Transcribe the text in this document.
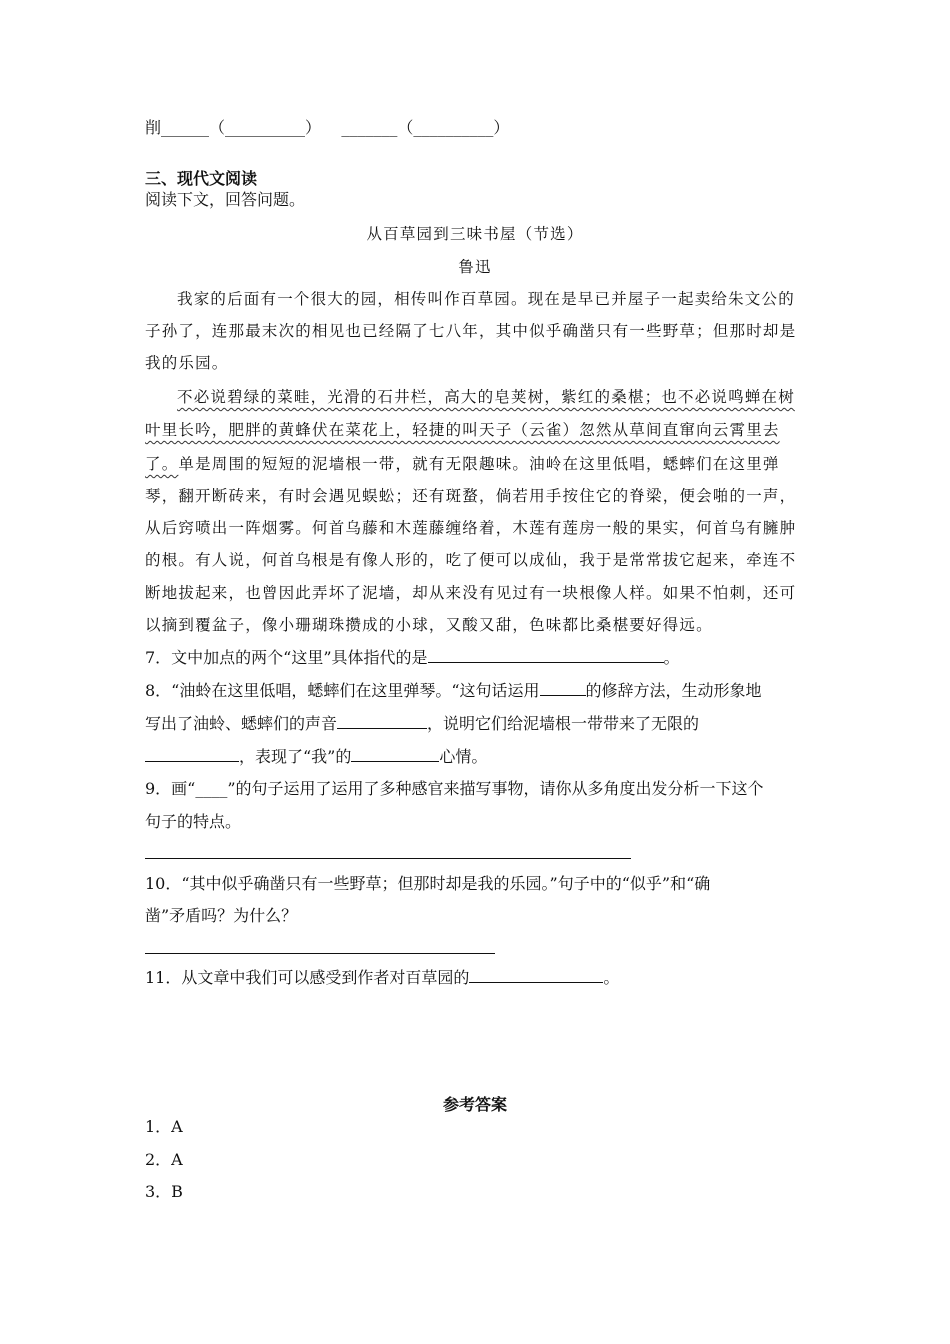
削______（__________） _______（__________）
三、现代文阅读
阅读下文，回答问题。
从百草园到三味书屋（节选）
鲁迅
我家的后面有一个很大的园，相传叫作百草园。现在是早已并屋子一起卖给朱文公的
子孙了，连那最末次的相见也已经隔了七八年，其中似乎确凿只有一些野草；但那时却是
我的乐园。
不必说碧绿的菜畦，光滑的石井栏，高大的皂荚树，紫红的桑椹；也不必说鸣蝉在树
叶里长吟，肥胖的黄蜂伏在菜花上，轻捷的叫天子（云雀）忽然从草间直窜向云霄里去
了。单是周围的短短的泥墙根一带，就有无限趣味。油岭在这里低唱，蟋蟀们在这里弹
琴，翻开断砖来，有时会遇见蜈蚣；还有斑蝥，倘若用手按住它的脊梁，便会啪的一声，
从后窍喷出一阵烟雾。何首乌藤和木莲藤缠络着，木莲有莲房一般的果实，何首乌有臃肿
的根。有人说，何首乌根是有像人形的，吃了便可以成仙，我于是常常拔它起来，牵连不
断地拔起来，也曾因此弄坏了泥墙，却从来没有见过有一块根像人样。如果不怕刺，还可
以摘到覆盆子，像小珊瑚珠攒成的小球，又酸又甜，色味都比桑椹要好得远。
7．文中加点的两个“这里”具体指代的是	。
8．“油蛉在这里低唱，蟋蟀们在这里弹琴。“这句话运用	的修辞方法，生动形象地
写出了油蛉、蟋蟀们的声音	，说明它们给泥墙根一带带来了无限的
，表现了“我”的	心情。
9．画“____”的句子运用了运用了多种感官来描写事物，请你从多角度出发分析一下这个
句子的特点。
10．“其中似乎确凿只有一些野草；但那时却是我的乐园。”句子中的“似乎”和“确
凿”矛盾吗？为什么？
11．从文章中我们可以感受到作者对百草园的	。
参考答案
1．A
2．A
3．B
